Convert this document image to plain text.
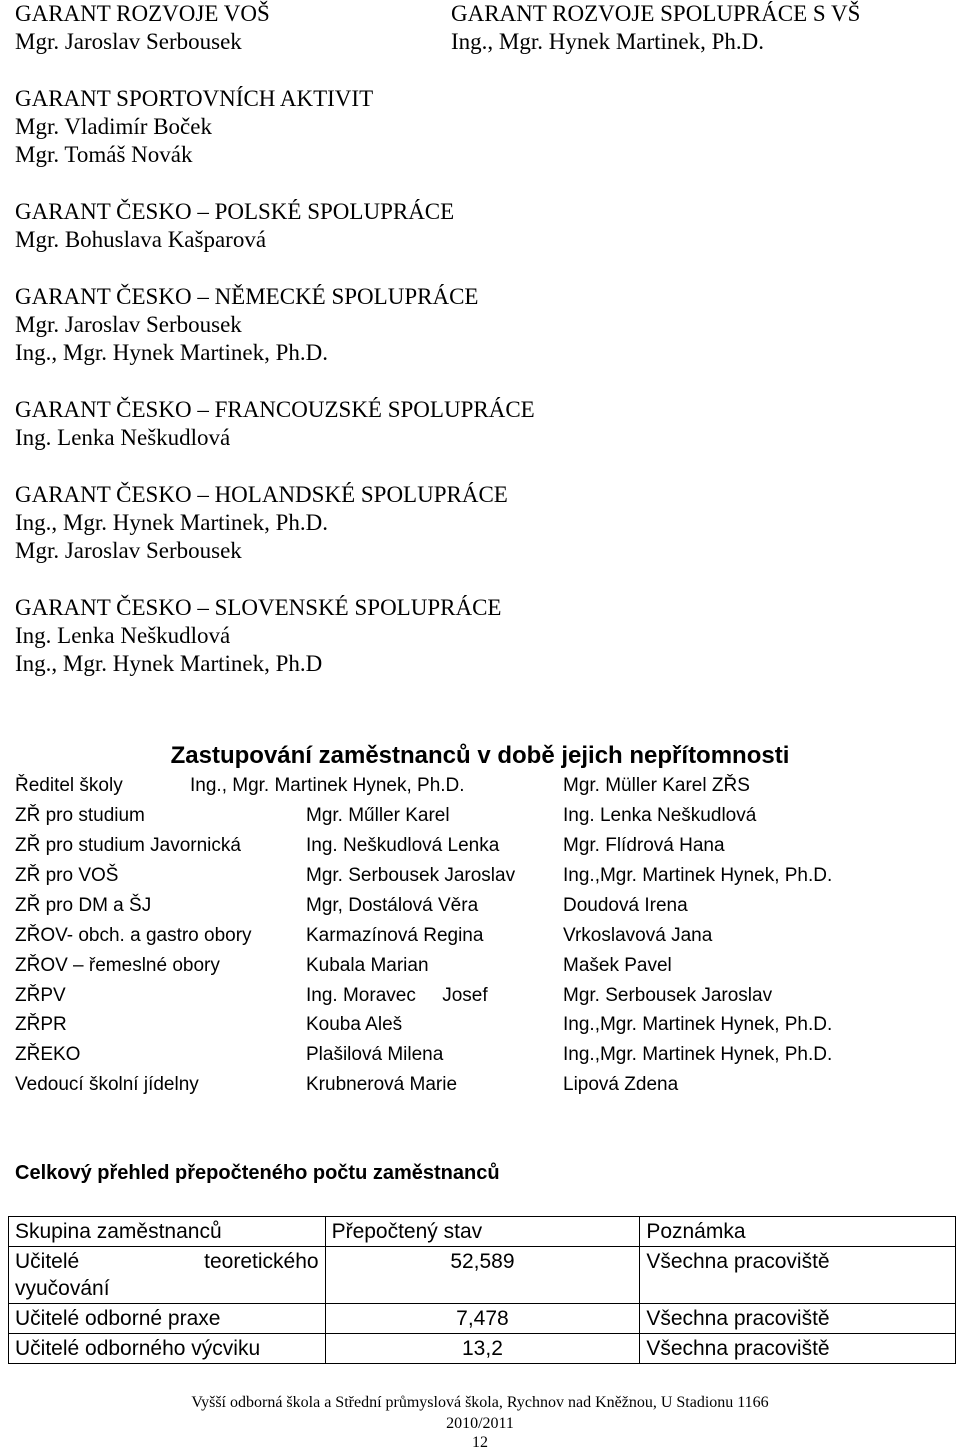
GARANT ROZVOJE VOŠ
Mgr. Jaroslav Serbousek
GARANT ROZVOJE SPOLUPRÁCE S VŠ
Ing., Mgr. Hynek Martinek, Ph.D.
GARANT SPORTOVNÍCH AKTIVIT
Mgr. Vladimír Boček
Mgr. Tomáš Novák
GARANT ČESKO – POLSKÉ SPOLUPRÁCE
Mgr. Bohuslava Kašparová
GARANT ČESKO – NĚMECKÉ SPOLUPRÁCE
Mgr. Jaroslav Serbousek
Ing., Mgr. Hynek Martinek, Ph.D.
GARANT ČESKO – FRANCOUZSKÉ SPOLUPRÁCE
Ing. Lenka Neškudlová
GARANT ČESKO – HOLANDSKÉ SPOLUPRÁCE
Ing., Mgr. Hynek Martinek, Ph.D.
Mgr. Jaroslav Serbousek
GARANT ČESKO – SLOVENSKÉ SPOLUPRÁCE
Ing. Lenka Neškudlová
Ing., Mgr. Hynek Martinek, Ph.D
Zastupování zaměstnanců v době jejich nepřítomnosti
Ředitel školy	Ing., Mgr. Martinek Hynek, Ph.D.	Mgr. Müller Karel ZŘS
ZŘ pro studium	Mgr. Műller Karel	Ing. Lenka Neškudlová
ZŘ pro studium Javornická	Ing. Neškudlová Lenka	Mgr. Flídrová Hana
ZŘ pro VOŠ	Mgr. Serbousek Jaroslav	Ing.,Mgr. Martinek Hynek, Ph.D.
ZŘ pro DM a ŠJ	Mgr, Dostálová Věra	Doudová Irena
ZŘOV- obch. a gastro obory	Karmazínová Regina	Vrkoslavová Jana
ZŘOV – řemeslné obory	Kubala Marian	Mašek Pavel
ZŘPV	Ing. Moravec     Josef	Mgr. Serbousek Jaroslav
ZŘPR	Kouba Aleš	Ing.,Mgr. Martinek Hynek, Ph.D.
ZŘEKO	Plašilová Milena	Ing.,Mgr. Martinek Hynek, Ph.D.
Vedoucí školní jídelny	Krubnerová Marie	Lipová Zdena
Celkový přehled přepočteného počtu zaměstnanců
Skupina zaměstnanců	Přepočtený stav	Poznámka

Učitelé teoretického
vyučování	52,589	Všechna pracoviště
Učitelé odborné praxe	7,478	Všechna pracoviště
Učitelé odborného výcviku	13,2	Všechna pracoviště
Vyšší odborná škola a Střední průmyslová škola, Rychnov nad Kněžnou, U Stadionu 1166
2010/2011
12
